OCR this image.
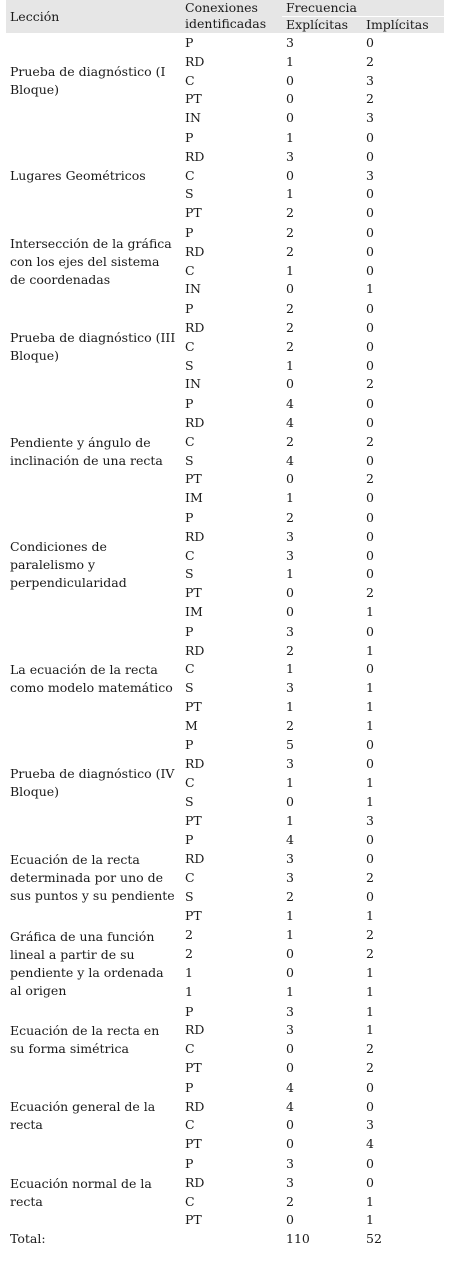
Lección	Conexiones identificadas	Frecuencia	
		Explícitas	Implícitas
Prueba de diagnóstico (I Bloque)	P	3	0
	RD	1	2
	C	0	3
	PT	0	2
	IN	0	3
Lugares Geométricos	P	1	0
	RD	3	0
	C	0	3
	S	1	0
	PT	2	0
Intersección de la gráfica con los ejes del sistema de coordenadas	P	2	0
	RD	2	0
	C	1	0
	IN	0	1
Prueba de diagnóstico (III Bloque)	P	2	0
	RD	2	0
	C	2	0
	S	1	0
	IN	0	2
Pendiente y ángulo de inclinación de una recta	P	4	0
	RD	4	0
	C	2	2
	S	4	0
	PT	0	2
	IM	1	0
Condiciones de paralelismo y perpendicularidad	P	2	0
	RD	3	0
	C	3	0
	S	1	0
	PT	0	2
	IM	0	1
La ecuación de la recta como modelo matemático	P	3	0
	RD	2	1
	C	1	0
	S	3	1
	PT	1	1
	M	2	1
Prueba de diagnóstico (IV Bloque)	P	5	0
	RD	3	0
	C	1	1
	S	0	1
	PT	1	3
Ecuación de la recta determinada por uno de sus puntos y su pendiente	P	4	0
	RD	3	0
	C	3	2
	S	2	0
	PT	1	1
Gráfica de una función lineal a partir de su pendiente y la ordenada al origen	2	1	2
	2	0	2
	1	0	1
	1	1	1
Ecuación de la recta en su forma simétrica	P	3	1
	RD	3	1
	C	0	2
	PT	0	2
Ecuación general de la recta	P	4	0
	RD	4	0
	C	0	3
	PT	0	4
Ecuación normal de la recta	P	3	0
	RD	3	0
	C	2	1
	PT	0	1
Total:		110	52
